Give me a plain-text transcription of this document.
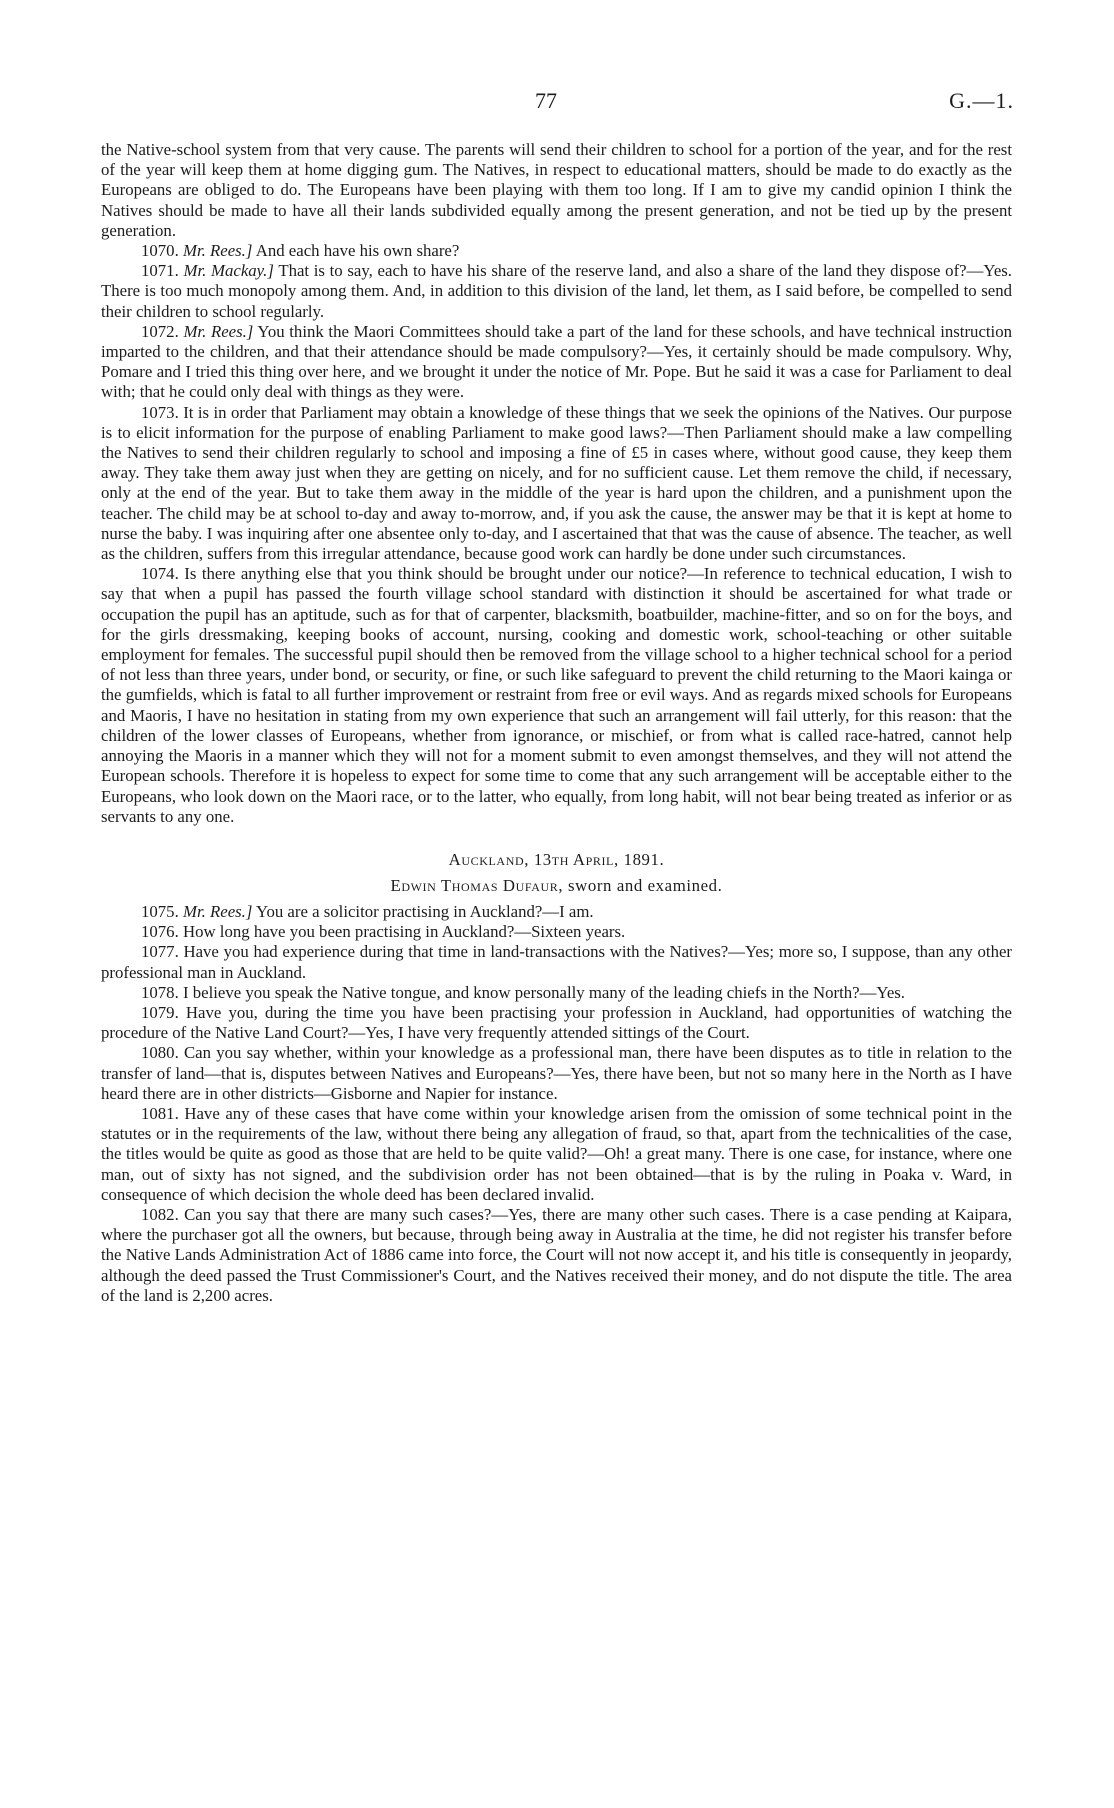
77	G.—1.

the Native-school system from that very cause. The parents will send their children to school for a portion of the year, and for the rest of the year will keep them at home digging gum. The Natives, in respect to educational matters, should be made to do exactly as the Europeans are obliged to do. The Europeans have been playing with them too long. If I am to give my candid opinion I think the Natives should be made to have all their lands subdivided equally among the present generation, and not be tied up by the present generation.

1070. Mr. Rees.] And each have his own share?

1071. Mr. Mackay.] That is to say, each to have his share of the reserve land, and also a share of the land they dispose of?—Yes. There is too much monopoly among them. And, in addition to this division of the land, let them, as I said before, be compelled to send their children to school regularly.

1072. Mr. Rees.] You think the Maori Committees should take a part of the land for these schools, and have technical instruction imparted to the children, and that their attendance should be made compulsory?—Yes, it certainly should be made compulsory. Why, Pomare and I tried this thing over here, and we brought it under the notice of Mr. Pope. But he said it was a case for Parliament to deal with; that he could only deal with things as they were.

1073. It is in order that Parliament may obtain a knowledge of these things that we seek the opinions of the Natives. Our purpose is to elicit information for the purpose of enabling Parliament to make good laws?—Then Parliament should make a law compelling the Natives to send their children regularly to school and imposing a fine of £5 in cases where, without good cause, they keep them away. They take them away just when they are getting on nicely, and for no sufficient cause. Let them remove the child, if necessary, only at the end of the year. But to take them away in the middle of the year is hard upon the children, and a punishment upon the teacher. The child may be at school to-day and away to-morrow, and, if you ask the cause, the answer may be that it is kept at home to nurse the baby. I was inquiring after one absentee only to-day, and I ascertained that that was the cause of absence. The teacher, as well as the children, suffers from this irregular attendance, because good work can hardly be done under such circumstances.

1074. Is there anything else that you think should be brought under our notice?—In reference to technical education, I wish to say that when a pupil has passed the fourth village school standard with distinction it should be ascertained for what trade or occupation the pupil has an aptitude, such as for that of carpenter, blacksmith, boatbuilder, machine-fitter, and so on for the boys, and for the girls dressmaking, keeping books of account, nursing, cooking and domestic work, school-teaching or other suitable employment for females. The successful pupil should then be removed from the village school to a higher technical school for a period of not less than three years, under bond, or security, or fine, or such like safeguard to prevent the child returning to the Maori kainga or the gumfields, which is fatal to all further improvement or restraint from free or evil ways. And as regards mixed schools for Europeans and Maoris, I have no hesitation in stating from my own experience that such an arrangement will fail utterly, for this reason: that the children of the lower classes of Europeans, whether from ignorance, or mischief, or from what is called race-hatred, cannot help annoying the Maoris in a manner which they will not for a moment submit to even amongst themselves, and they will not attend the European schools. Therefore it is hopeless to expect for some time to come that any such arrangement will be acceptable either to the Europeans, who look down on the Maori race, or to the latter, who equally, from long habit, will not bear being treated as inferior or as servants to any one.

Auckland, 13th April, 1891.
Edwin Thomas Dufaur, sworn and examined.

1075. Mr. Rees.] You are a solicitor practising in Auckland?—I am.

1076. How long have you been practising in Auckland?—Sixteen years.

1077. Have you had experience during that time in land-transactions with the Natives?—Yes; more so, I suppose, than any other professional man in Auckland.

1078. I believe you speak the Native tongue, and know personally many of the leading chiefs in the North?—Yes.

1079. Have you, during the time you have been practising your profession in Auckland, had opportunities of watching the procedure of the Native Land Court?—Yes, I have very frequently attended sittings of the Court.

1080. Can you say whether, within your knowledge as a professional man, there have been disputes as to title in relation to the transfer of land—that is, disputes between Natives and Europeans?—Yes, there have been, but not so many here in the North as I have heard there are in other districts—Gisborne and Napier for instance.

1081. Have any of these cases that have come within your knowledge arisen from the omission of some technical point in the statutes or in the requirements of the law, without there being any allegation of fraud, so that, apart from the technicalities of the case, the titles would be quite as good as those that are held to be quite valid?—Oh! a great many. There is one case, for instance, where one man, out of sixty has not signed, and the subdivision order has not been obtained—that is by the ruling in Poaka v. Ward, in consequence of which decision the whole deed has been declared invalid.

1082. Can you say that there are many such cases?—Yes, there are many other such cases. There is a case pending at Kaipara, where the purchaser got all the owners, but because, through being away in Australia at the time, he did not register his transfer before the Native Lands Administration Act of 1886 came into force, the Court will not now accept it, and his title is consequently in jeopardy, although the deed passed the Trust Commissioner's Court, and the Natives received their money, and do not dispute the title. The area of the land is 2,200 acres.
